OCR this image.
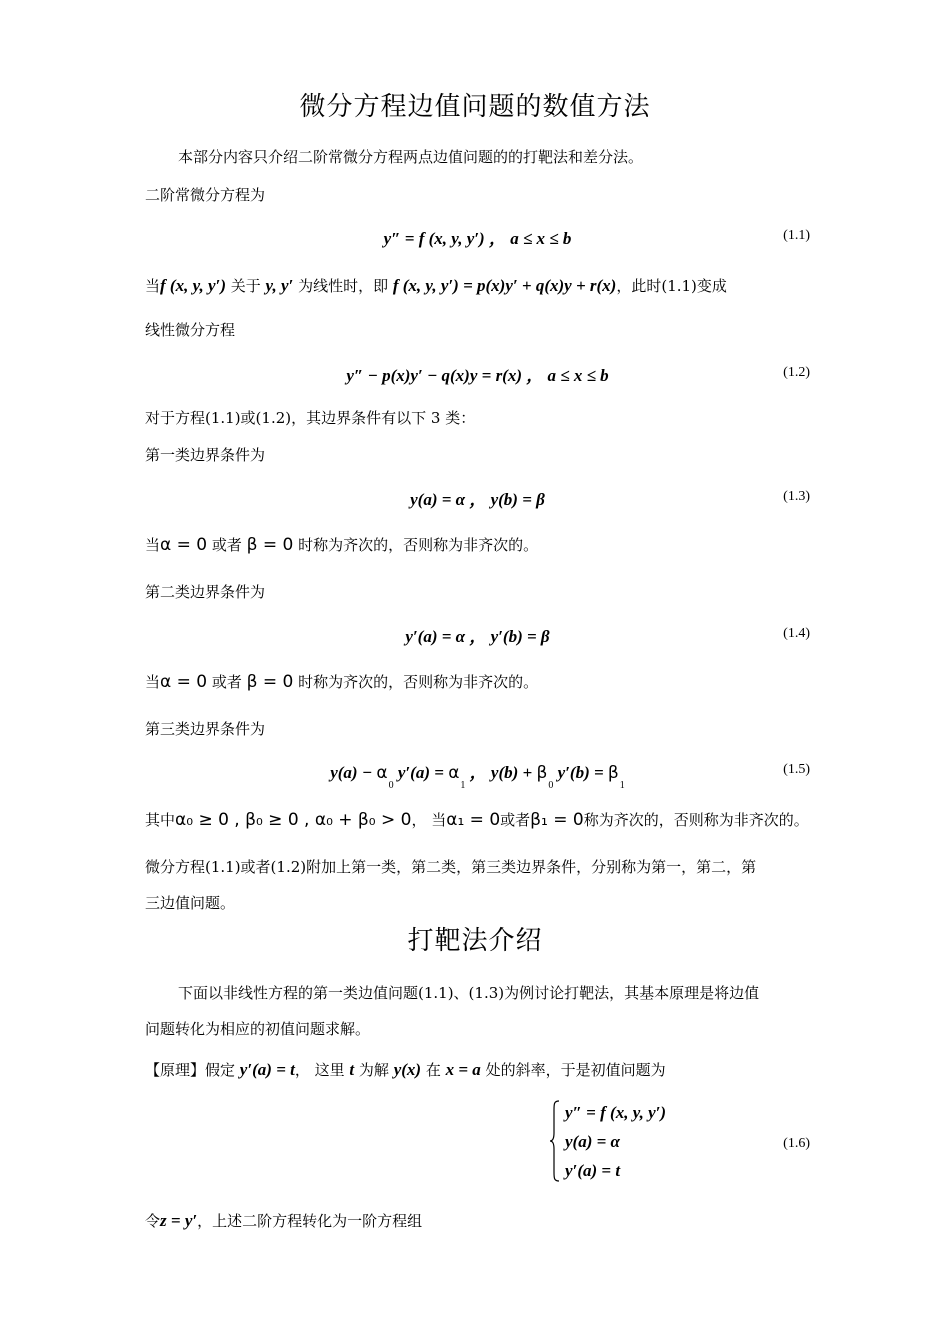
微分方程边值问题的数值方法
本部分内容只介绍二阶常微分方程两点边值问题的的打靶法和差分法。
二阶常微分方程为
y″ = f (x, y, y′) ， a ≤ x ≤ b	(1.1)
当f (x, y, y′) 关于 y, y′ 为线性时，即 f (x, y, y′) = p(x)y′ + q(x)y + r(x)，此时(1.1)变成
线性微分方程
y″ − p(x)y′ − q(x)y = r(x) ， a ≤ x ≤ b	(1.2)
对于方程(1.1)或(1.2)，其边界条件有以下 3 类：
第一类边界条件为
y(a) = α ， y(b) = β	(1.3)
当α = 0 或者 β = 0 时称为齐次的，否则称为非齐次的。
第二类边界条件为
y′(a) = α ， y′(b) = β	(1.4)
当α = 0 或者 β = 0 时称为齐次的，否则称为非齐次的。
第三类边界条件为
$y(a) - \alpha_0$ $y'(a) = \alpha_1$ ， $y(b) + \beta_0$ $y'(b) = \beta_1$
(1.5)
其中α₀ ≥ 0 , β₀ ≥ 0 , α₀ + β₀ > 0， 当α₁ = 0或者β₁ = 0称为齐次的，否则称为非齐次的。
微分方程(1.1)或者(1.2)附加上第一类，第二类，第三类边界条件，分别称为第一，第二，第
三边值问题。
打靶法介绍
下面以非线性方程的第一类边值问题(1.1)、(1.3)为例讨论打靶法，其基本原理是将边值
问题转化为相应的初值问题求解。
【原理】假定 y′(a) = t， 这里 t 为解 y(x) 在 x = a 处的斜率，于是初值问题为
y″ = f (x, y, y′)
y(a) = α
y′(a) = t
(1.6)
令z = y′，上述二阶方程转化为一阶方程组
